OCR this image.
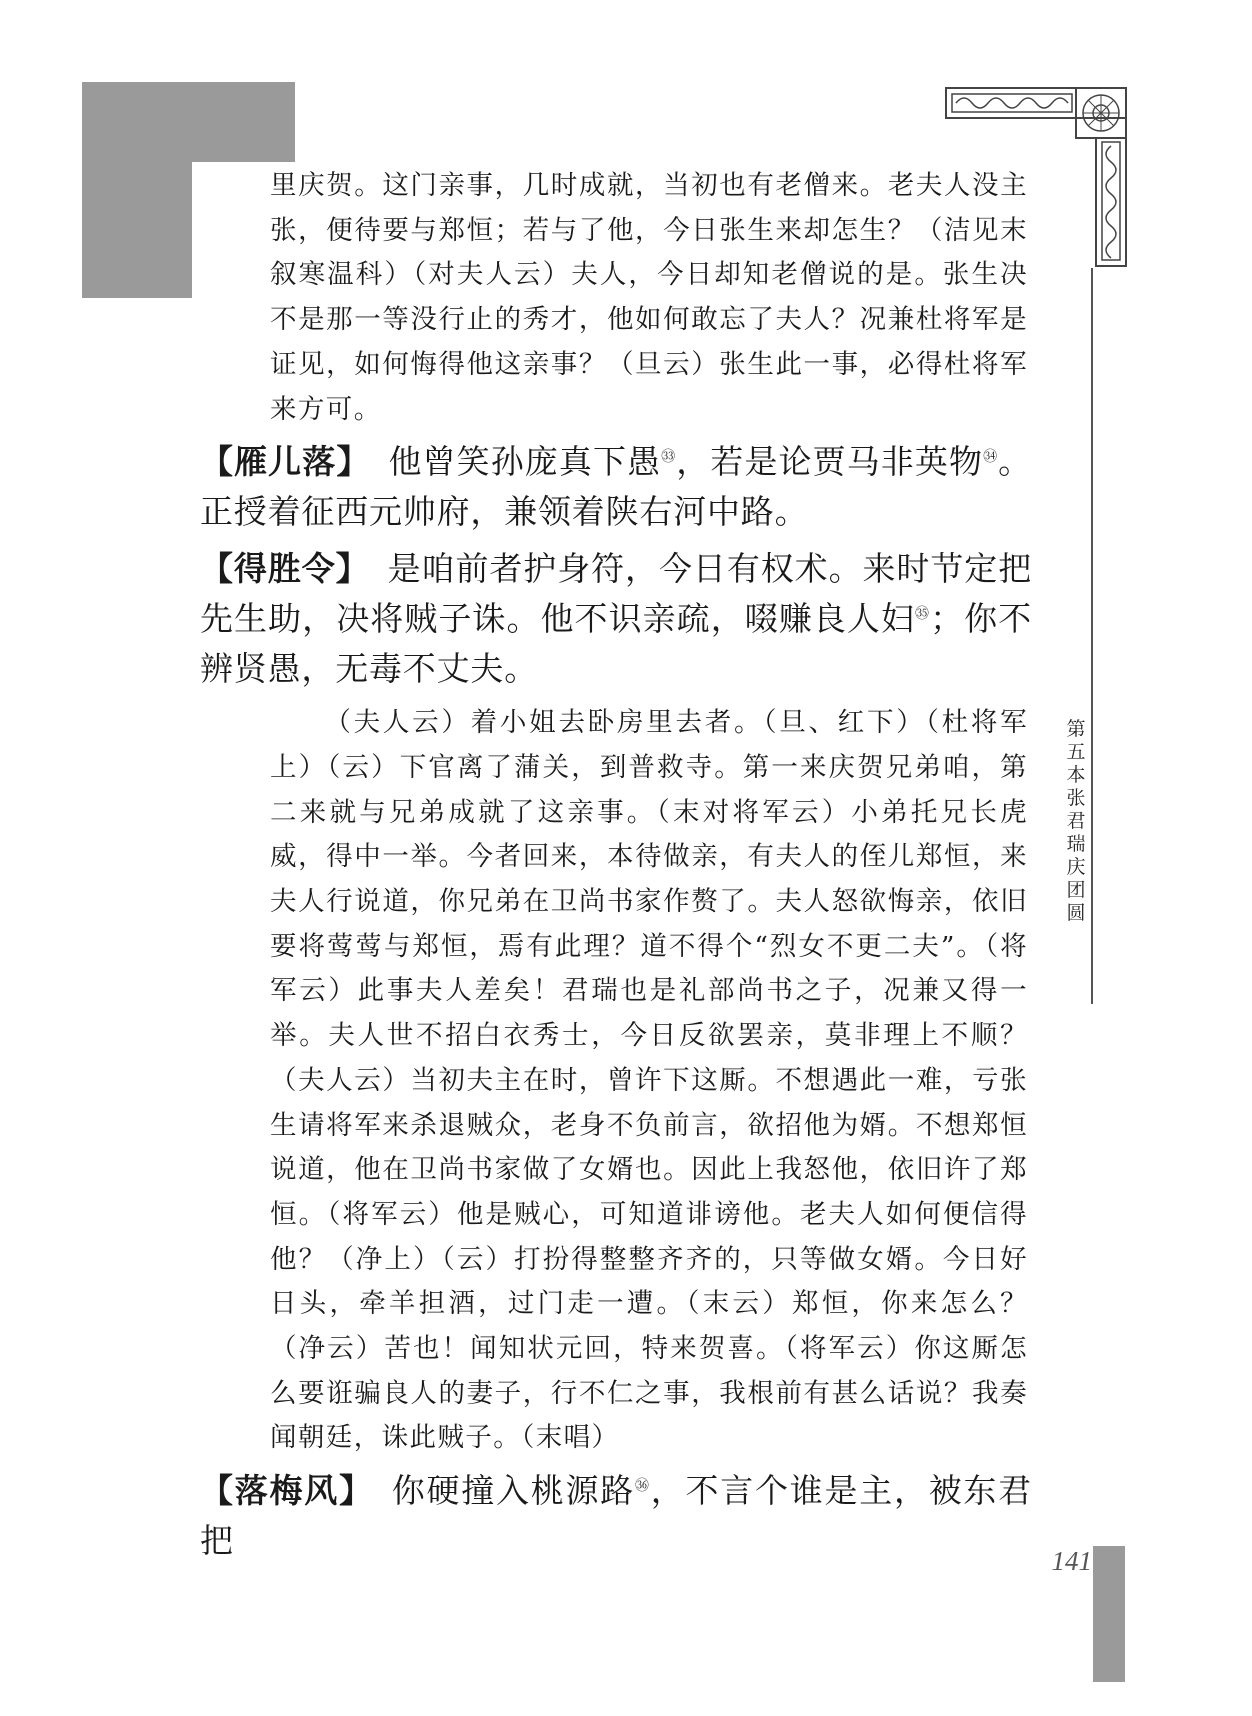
第五本 张君瑞庆团圆

里庆贺。这门亲事，几时成就，当初也有老僧来。老夫人没主张，便待要与郑恒；若与了他，今日张生来却怎生？（洁见末叙寒温科）（对夫人云）夫人，今日却知老僧说的是。张生决不是那一等没行止的秀才，他如何敢忘了夫人？况兼杜将军是证见，如何悔得他这亲事？（旦云）张生此一事，必得杜将军来方可。

【雁儿落】 他曾笑孙庞真下愚$^㉝$，若是论贾马非英物$^㉞$。正授着征西元帅府，兼领着陕右河中路。

【得胜令】 是咱前者护身符，今日有权术。来时节定把先生助，决将贼子诛。他不识亲疏，啜赚良人妇$^㉟$；你不辨贤愚，无毒不丈夫。

（夫人云）着小姐去卧房里去者。（旦、红下）（杜将军上）（云）下官离了蒲关，到普救寺。第一来庆贺兄弟咱，第二来就与兄弟成就了这亲事。（末对将军云）小弟托兄长虎威，得中一举。今者回来，本待做亲，有夫人的侄儿郑恒，来夫人行说道，你兄弟在卫尚书家作赘了。夫人怒欲悔亲，依旧要将莺莺与郑恒，焉有此理？道不得个“烈女不更二夫”。（将军云）此事夫人差矣！君瑞也是礼部尚书之子，况兼又得一举。夫人世不招白衣秀士，今日反欲罢亲，莫非理上不顺？（夫人云）当初夫主在时，曾许下这厮。不想遇此一难，亏张生请将军来杀退贼众，老身不负前言，欲招他为婿。不想郑恒说道，他在卫尚书家做了女婿也。因此上我怒他，依旧许了郑恒。（将军云）他是贼心，可知道诽谤他。老夫人如何便信得他？（净上）（云）打扮得整整齐齐的，只等做女婿。今日好日头，牵羊担酒，过门走一遭。（末云）郑恒，你来怎么？（净云）苦也！闻知状元回，特来贺喜。（将军云）你这厮怎么要诳骗良人的妻子，行不仁之事，我根前有甚么话说？我奏闻朝廷，诛此贼子。（末唱）

【落梅风】 你硬撞入桃源路$^㊱$，不言个谁是主，被东君把

141
